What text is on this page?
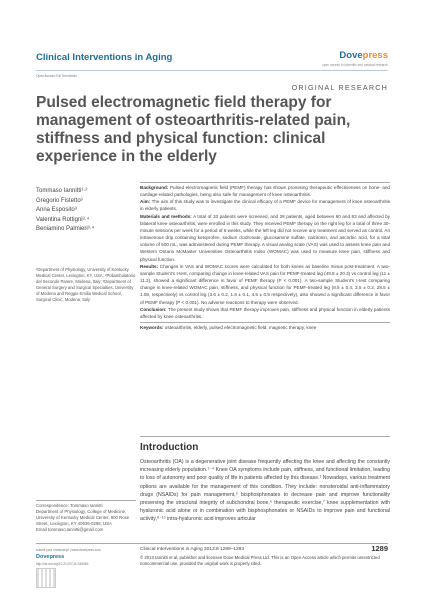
Clinical Interventions in Aging	Dovepress
open access to scientific and medical research
Open Access Full Text Article
ORIGINAL RESEARCH
Pulsed electromagnetic field therapy for management of osteoarthritis-related pain, stiffness and physical function: clinical experience in the elderly
Tommaso Iannitti¹·²
Gregorio Fistetto³
Anna Esposito³
Valentina Rottigni³·⁴
Beniamino Palmieri³·⁴
¹Department of Physiology, University of Kentucky Medical Center, Lexington, KY, USA; ²Poliambulatorio del Secondo Parere, Modena, Italy; ³Department of General Surgery and Surgical Specialties, University of Modena and Reggio Emilia Medical School, Surgical Clinic, Modena, Italy

Background: Pulsed electromagnetic field (PEMF) therapy has shown promising therapeutic effectiveness on bone- and cartilage-related pathologies, being also safe for management of knee osteoarthritis.

Aim: The aim of this study was to investigate the clinical efficacy of a PEMF device for management of knee osteoarthritis in elderly patients.

Materials and methods: A total of 33 patients were screened, and 28 patients, aged between 60 and 83 and affected by bilateral knee osteoarthritis, were enrolled in this study. They received PEMF therapy on the right leg for a total of three 30-minute sessions per week for a period of 6 weeks, while the left leg did not receive any treatment and served as control. An intravenous drip containing ketoprofen, sodium clodronate, glucosamine sulfate, calcitonin, and ascorbic acid, for a total volume of 500 mL, was administered during PEMF therapy. A visual analog scale (VAS) was used to assess knee pain and Western Ontario McMaster Universities Osteoarthritis Index (WOMAC) was used to measure knee pain, stiffness and physical function.

Results: Changes in VAS and WOMAC scores were calculated for both knees as baseline minus post-treatment. A two-sample Student’s t-test, comparing change in knee-related VAS pain for PEMF-treated leg (49.8 ± 20.3) vs control leg (11 ± 11.3), showed a significant difference in favor of PEMF therapy (P < 0.001). A two-sample Student’s t-test comparing change in knee-related WOMAC pain, stiffness, and physical function for PEMF-treated leg (8.5 ± 0.4, 3.5 ± 0.2, 28.5 ± 1.08, respectively) vs control leg (3.6 ± 0.2, 1.6 ± 0.1, 4.5 ± 0.5 respectively), also showed a significant difference in favor of PEMF therapy (P < 0.001). No adverse reactions to therapy were observed.

Conclusion: The present study shows that PEMF therapy improves pain, stiffness and physical function in elderly patients affected by knee osteoarthritis.

Keywords: osteoarthritis, elderly, pulsed electromagnetic field, magnetic therapy, knee

Introduction
Osteoarthritis (OA) is a degenerative joint disease frequently affecting the knee and affecting the constantly increasing elderly population.¹⁻⁴ Knee OA symptoms include pain, stiffness, and functional limitation, leading to loss of autonomy and poor quality of life in patients affected by this disease.¹ Nowadays, various treatment options are available for the management of this condition. They include: nonsteroidal anti-inflammatory drugs (NSAIDs) for pain management,⁵ bisphosphonates to decrease pain and improve functionality preserving the structural integrity of subchondral bone,⁶ therapeutic exercise,⁷ knee supplementation with hyaluronic acid alone or in combination with bisphosphonates or NSAIDs to improve pain and functional activity,⁸⁻¹⁰ intra-hyaluronic acid improves articular
Correspondence: Tommaso Iannitti
Department of Physiology, College of Medicine, University of Kentucky Medical Center, 800 Rose Street, Lexington, KY 40536-0298, USA
Email tommaso.iannitti@gmail.com
submit your manuscript | www.dovepress.com
Dovepress
http://dx.doi.org/10.2147/CIA.S49083
Clinical Interventions in Aging 2013:8 1289–1293
© 2013 Iannitti et al, publisher and licensee Dove Medical Press Ltd. This is an Open Access article which permits unrestricted noncommercial use, provided the original work is properly cited.
1289
